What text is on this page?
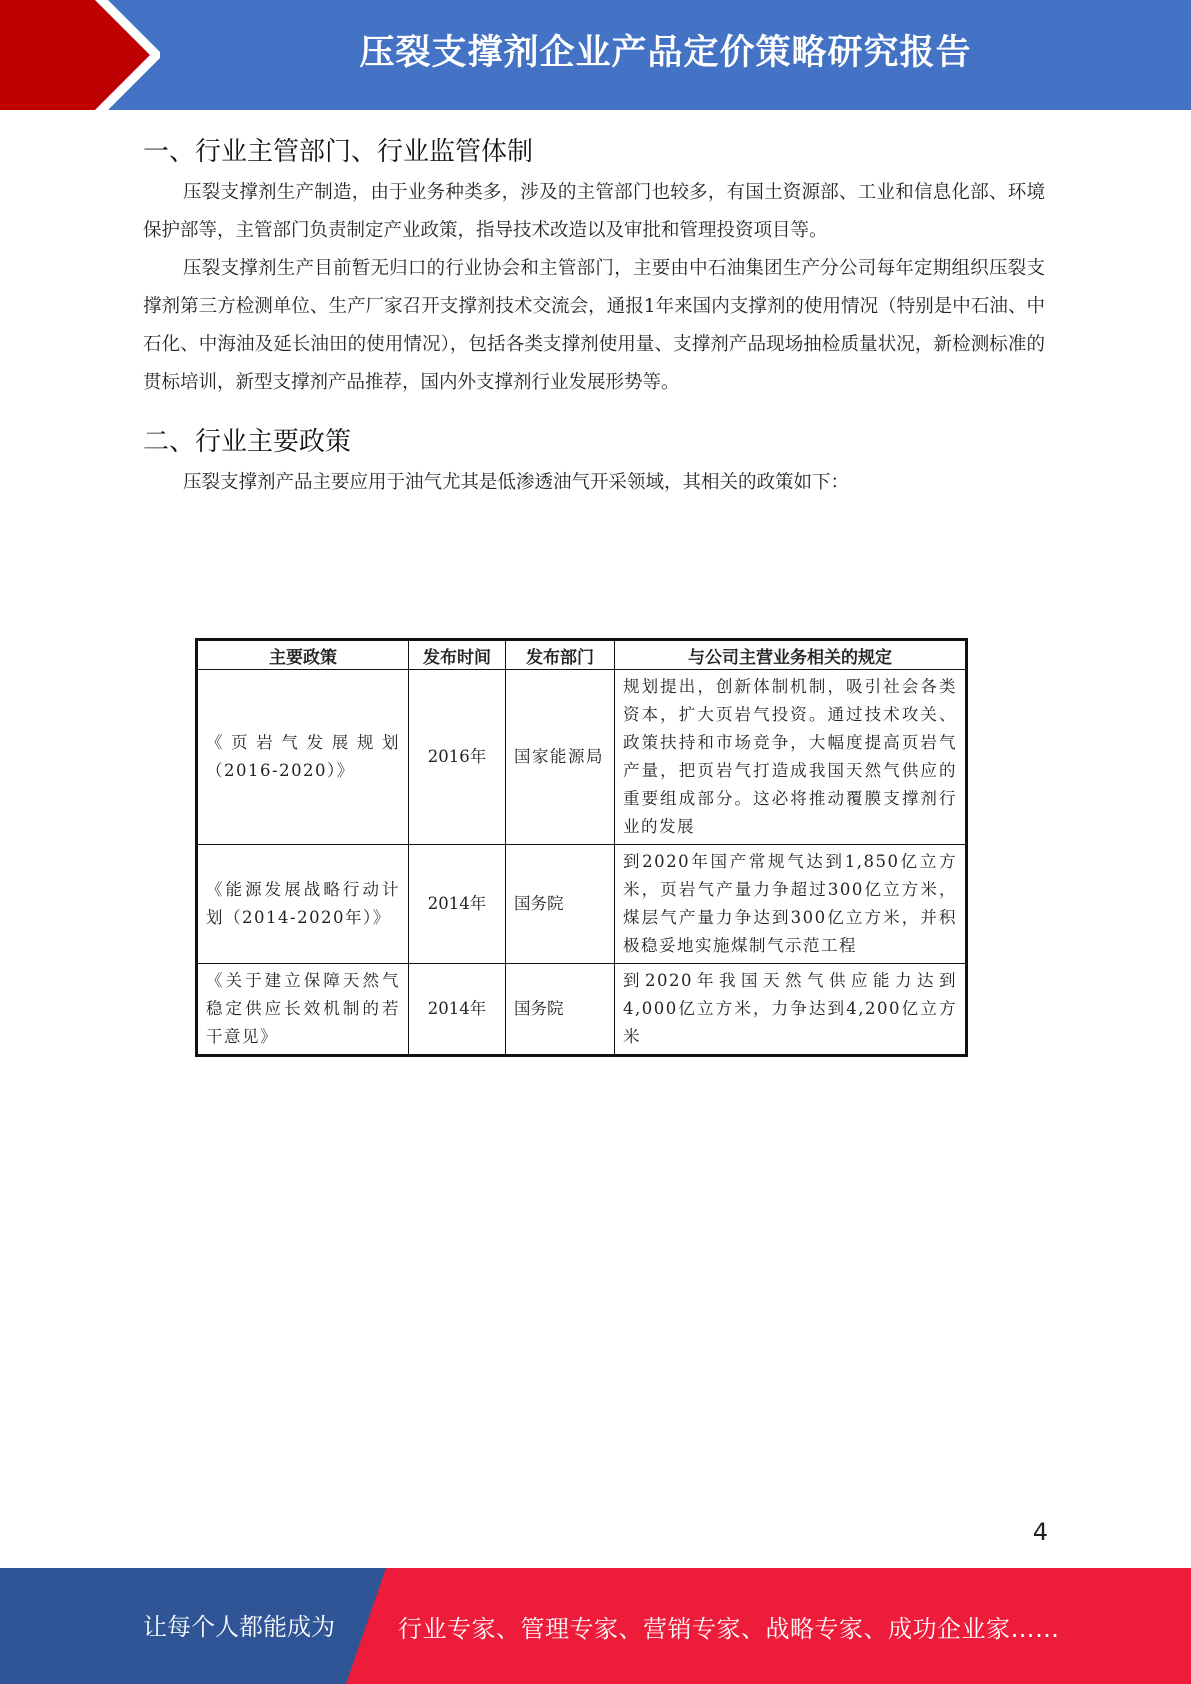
压裂支撑剂企业产品定价策略研究报告
一、行业主管部门、行业监管体制

压裂支撑剂生产制造，由于业务种类多，涉及的主管部门也较多，有国土资源部、工业和信息化部、环境保护部等，主管部门负责制定产业政策，指导技术改造以及审批和管理投资项目等。

压裂支撑剂生产目前暂无归口的行业协会和主管部门，主要由中石油集团生产分公司每年定期组织压裂支撑剂第三方检测单位、生产厂家召开支撑剂技术交流会，通报1年来国内支撑剂的使用情况（特别是中石油、中石化、中海油及延长油田的使用情况），包括各类支撑剂使用量、支撑剂产品现场抽检质量状况，新检测标准的贯标培训，新型支撑剂产品推荐，国内外支撑剂行业发展形势等。

二、行业主要政策

压裂支撑剂产品主要应用于油气尤其是低渗透油气开采领域，其相关的政策如下：

主要政策	发布时间	发布部门	与公司主营业务相关的规定
《页岩气发展规划（2016-2020）》	2016年	国家能源局	规划提出，创新体制机制，吸引社会各类资本，扩大页岩气投资。通过技术攻关、政策扶持和市场竞争，大幅度提高页岩气产量，把页岩气打造成我国天然气供应的重要组成部分。这必将推动覆膜支撑剂行业的发展
《能源发展战略行动计划（2014-2020年）》	2014年	国务院	到2020年国产常规气达到1,850亿立方米，页岩气产量力争超过300亿立方米，煤层气产量力争达到300亿立方米，并积极稳妥地实施煤制气示范工程
《关于建立保障天然气稳定供应长效机制的若干意见》	2014年	国务院	到2020年我国天然气供应能力达到4,000亿立方米，力争达到4,200亿立方米
4
让每个人都能成为	行业专家、管理专家、营销专家、战略专家、成功企业家……
